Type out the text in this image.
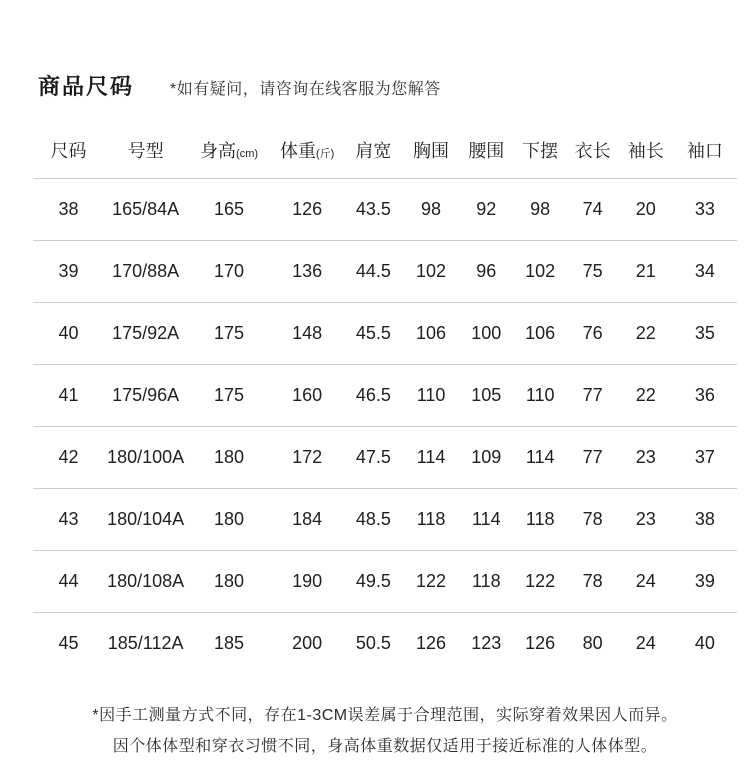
商品尺码 *如有疑问，请咨询在线客服为您解答
尺码	号型	身高(cm)	体重(斤)	肩宽	胸围	腰围	下摆	衣长	袖长	袖口
38	165/84A	165	126	43.5	98	92	98	74	20	33
39	170/88A	170	136	44.5	102	96	102	75	21	34
40	175/92A	175	148	45.5	106	100	106	76	22	35
41	175/96A	175	160	46.5	110	105	110	77	22	36
42	180/100A	180	172	47.5	114	109	114	77	23	37
43	180/104A	180	184	48.5	118	114	118	78	23	38
44	180/108A	180	190	49.5	122	118	122	78	24	39
45	185/112A	185	200	50.5	126	123	126	80	24	40

*因手工测量方式不同，存在1-3CM误差属于合理范围，实际穿着效果因人而异。

因个体体型和穿衣习惯不同，身高体重数据仅适用于接近标准的人体体型。
